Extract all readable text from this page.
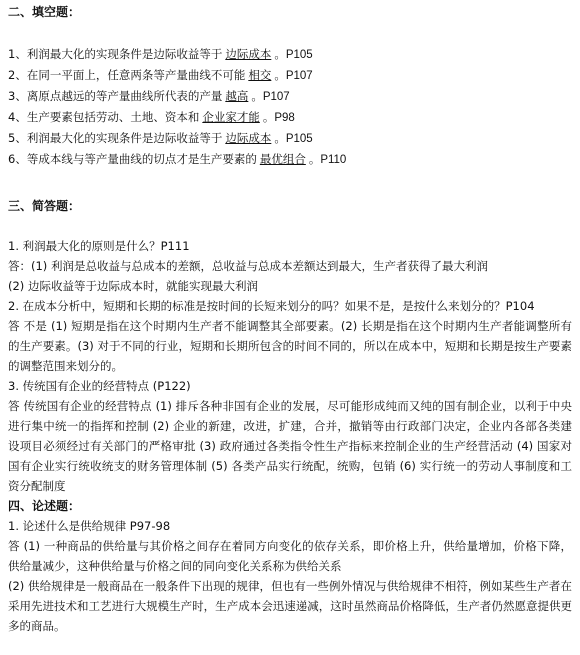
二、填空题：

1、利润最大化的实现条件是边际收益等于 边际成本 。P105

2、在同一平面上，任意两条等产量曲线不可能 相交 。P107

3、离原点越远的等产量曲线所代表的产量 越高 。P107

4、生产要素包括劳动、土地、资本和 企业家才能 。P98

5、利润最大化的实现条件是边际收益等于 边际成本 。P105

6、等成本线与等产量曲线的切点才是生产要素的 最优组合 。P110

三、简答题：

1. 利润最大化的原则是什么？P111

答：(1) 利润是总收益与总成本的差额，总收益与总成本差额达到最大，生产者获得了最大利润

(2) 边际收益等于边际成本时，就能实现最大利润

2. 在成本分析中，短期和长期的标准是按时间的长短来划分的吗？如果不是，是按什么来划分的？P104

答 不是 (1) 短期是指在这个时期内生产者不能调整其全部要素。(2) 长期是指在这个时期内生产者能调整所有的生产要素。(3) 对于不同的行业，短期和长期所包含的时间不同的，所以在成本中，短期和长期是按生产要素的调整范围来划分的。

3. 传统国有企业的经营特点 (P122)

答 传统国有企业的经营特点 (1) 排斥各种非国有企业的发展，尽可能形成纯而又纯的国有制企业，以利于中央进行集中统一的指挥和控制 (2) 企业的新建，改进，扩建，合并，撤销等由行政部门决定，企业内各部各类建设项目必须经过有关部门的严格审批 (3) 政府通过各类指令性生产指标来控制企业的生产经营活动 (4) 国家对国有企业实行统收统支的财务管理体制 (5) 各类产品实行统配，统购，包销 (6) 实行统一的劳动人事制度和工资分配制度

四、论述题：

1. 论述什么是供给规律 P97-98

答 (1) 一种商品的供给量与其价格之间存在着同方向变化的依存关系，即价格上升，供给量增加，价格下降，供给量减少，这种供给量与价格之间的同向变化关系称为供给关系

(2) 供给规律是一般商品在一般条件下出现的规律，但也有一些例外情况与供给规律不相符，例如某些生产者在采用先进技术和工艺进行大规模生产时，生产成本会迅速递减，这时虽然商品价格降低，生产者仍然愿意提供更多的商品。
